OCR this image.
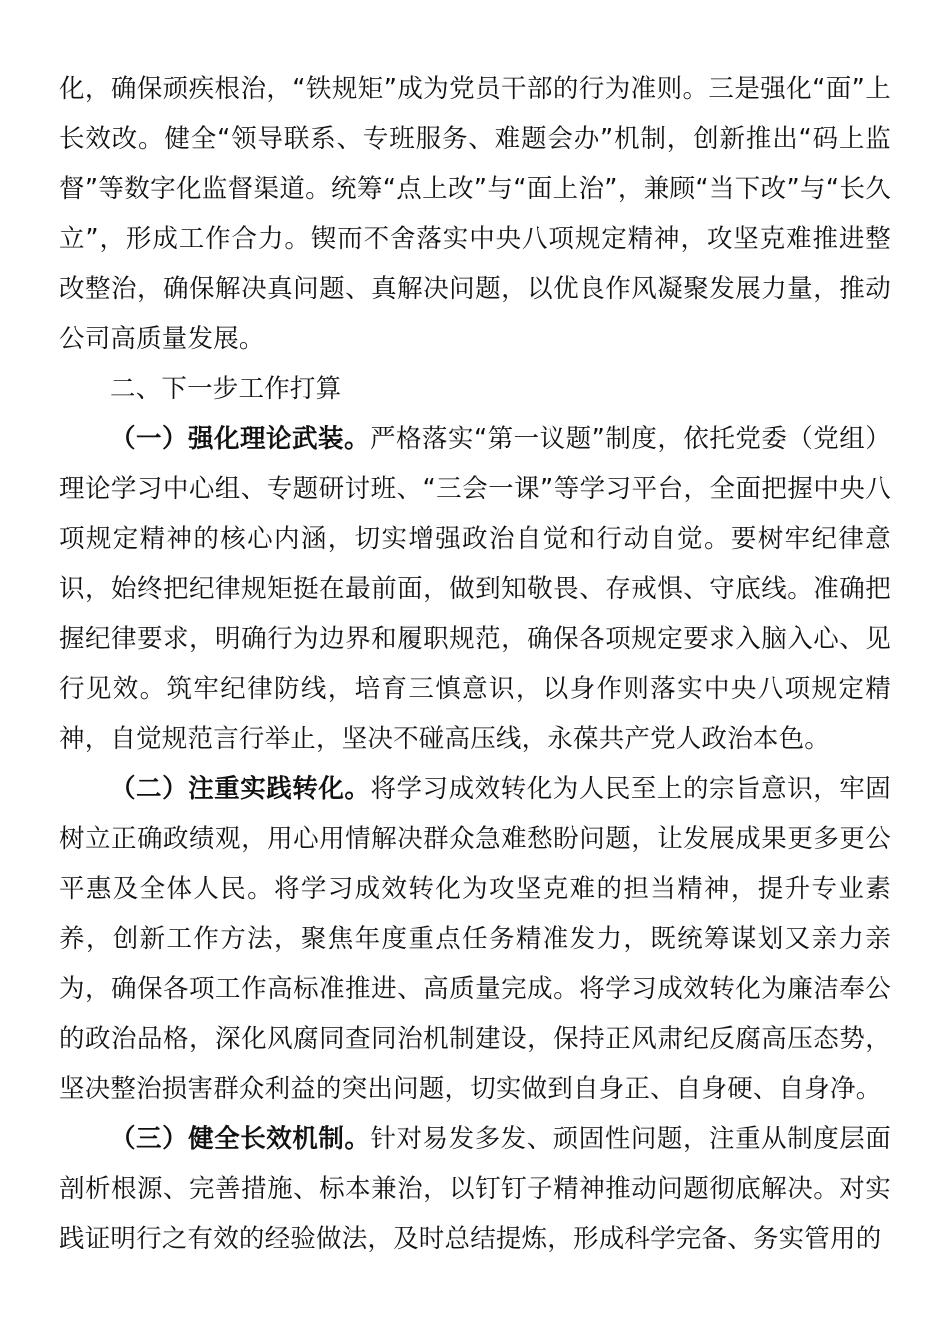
化，确保顽疾根治，“铁规矩”成为党员干部的行为准则。三是强化“面”上长效改。健全“领导联系、专班服务、难题会办”机制，创新推出“码上监督”等数字化监督渠道。统筹“点上改”与“面上治”，兼顾“当下改”与“长久立”，形成工作合力。锲而不舍落实中央八项规定精神，攻坚克难推进整改整治，确保解决真问题、真解决问题，以优良作风凝聚发展力量，推动公司高质量发展。

二、下一步工作打算

（一）强化理论武装。严格落实“第一议题”制度，依托党委（党组）理论学习中心组、专题研讨班、“三会一课”等学习平台，全面把握中央八项规定精神的核心内涵，切实增强政治自觉和行动自觉。要树牢纪律意识，始终把纪律规矩挺在最前面，做到知敬畏、存戒惧、守底线。准确把握纪律要求，明确行为边界和履职规范，确保各项规定要求入脑入心、见行见效。筑牢纪律防线，培育三慎意识，以身作则落实中央八项规定精神，自觉规范言行举止，坚决不碰高压线，永葆共产党人政治本色。

（二）注重实践转化。将学习成效转化为人民至上的宗旨意识，牢固树立正确政绩观，用心用情解决群众急难愁盼问题，让发展成果更多更公平惠及全体人民。将学习成效转化为攻坚克难的担当精神，提升专业素养，创新工作方法，聚焦年度重点任务精准发力，既统筹谋划又亲力亲为，确保各项工作高标准推进、高质量完成。将学习成效转化为廉洁奉公的政治品格，深化风腐同查同治机制建设，保持正风肃纪反腐高压态势，坚决整治损害群众利益的突出问题，切实做到自身正、自身硬、自身净。

（三）健全长效机制。针对易发多发、顽固性问题，注重从制度层面剖析根源、完善措施、标本兼治，以钉钉子精神推动问题彻底解决。对实践证明行之有效的经验做法，及时总结提炼，形成科学完备、务实管用的
